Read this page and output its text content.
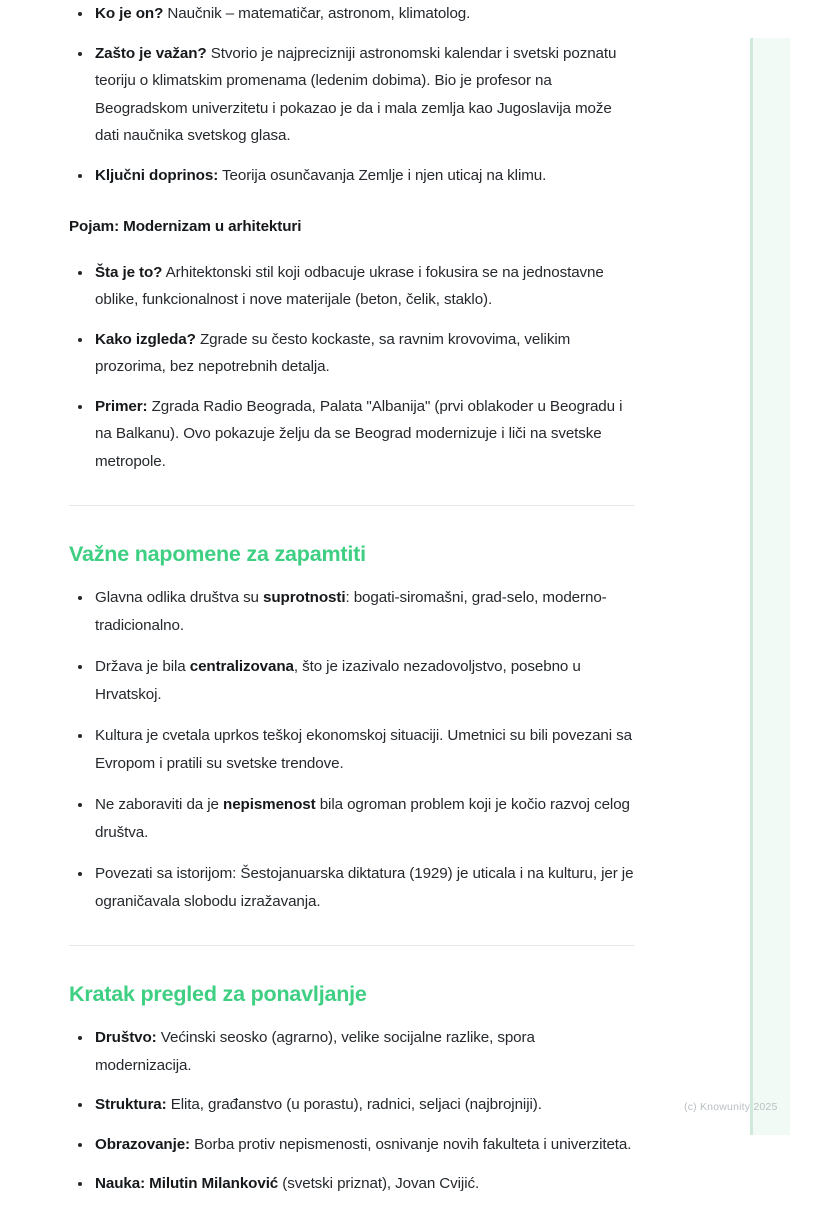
Ko je on? Naučnik – matematičar, astronom, klimatolog.
Zašto je važan? Stvorio je najprecizniji astronomski kalendar i svetski poznatu teoriju o klimatskim promenama (ledenim dobima). Bio je profesor na Beogradskom univerzitetu i pokazao je da i mala zemlja kao Jugoslavija može dati naučnika svetskog glasa.
Ključni doprinos: Teorija osunčavanja Zemlje i njen uticaj na klimu.

Pojam: Modernizam u arhitekturi

Šta je to? Arhitektonski stil koji odbacuje ukrase i fokusira se na jednostavne oblike, funkcionalnost i nove materijale (beton, čelik, staklo).
Kako izgleda? Zgrade su često kockaste, sa ravnim krovovima, velikim prozorima, bez nepotrebnih detalja.
Primer: Zgrada Radio Beograda, Palata "Albanija" (prvi oblakoder u Beogradu i na Balkanu). Ovo pokazuje želju da se Beograd modernizuje i liči na svetske metropole.
Važne napomene za zapamtiti
Glavna odlika društva su suprotnosti: bogati-siromašni, grad-selo, moderno-tradicionalno.
Država je bila centralizovana, što je izazivalo nezadovoljstvo, posebno u Hrvatskoj.
Kultura je cvetala uprkos teškoj ekonomskoj situaciji. Umetnici su bili povezani sa Evropom i pratili su svetske trendove.
Ne zaboraviti da je nepismenost bila ogroman problem koji je kočio razvoj celog društva.
Povezati sa istorijom: Šestojanuarska diktatura (1929) je uticala i na kulturu, jer je ograničavala slobodu izražavanja.
Kratak pregled za ponavljanje
Društvo: Većinski seosko (agrarno), velike socijalne razlike, spora modernizacija.
Struktura: Elita, građanstvo (u porastu), radnici, seljaci (najbrojniji).
Obrazovanje: Borba protiv nepismenosti, osnivanje novih fakulteta i univerziteta.
Nauka: Milutin Milanković (svetski priznat), Jovan Cvijić.
(c) Knowunity 2025
